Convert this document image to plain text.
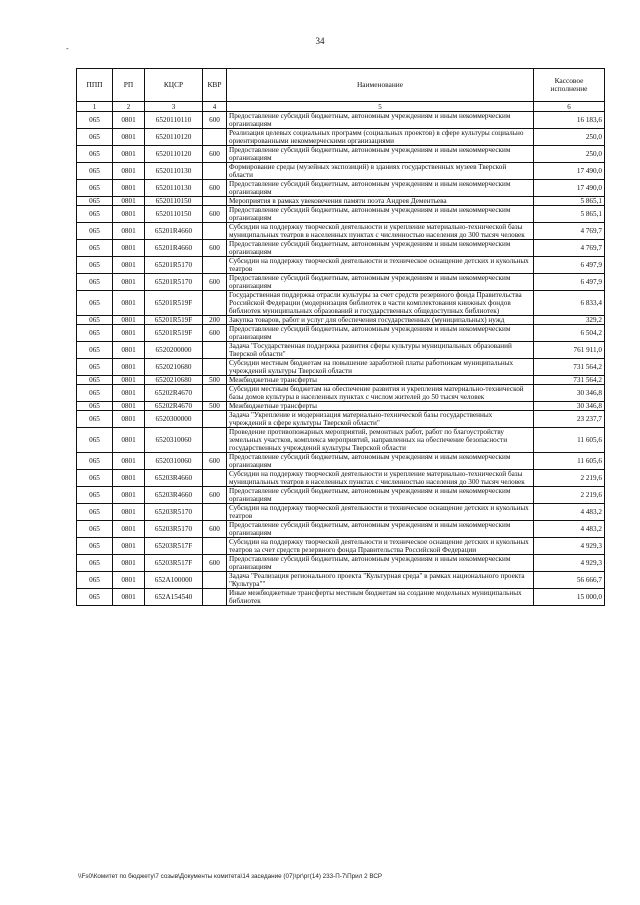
34
-
ППП	РП	КЦСР	КВР	Наименование	Кассовое исполнение
1	2	3	4	5	6
065	0801	6520110110	600	Предоставление субсидий бюджетным, автономным учреждениям и иным некоммерческим организациям	16 183,6
065	0801	6520110120		Реализация целевых социальных программ (социальных проектов) в сфере культуры социально ориентированными некоммерческими организациями	250,0
065	0801	6520110120	600	Предоставление субсидий бюджетным, автономным учреждениям и иным некоммерческим организациям	250,0
065	0801	6520110130		Формирование среды (музейных экспозиций) в зданиях государственных музеев Тверской области	17 490,0
065	0801	6520110130	600	Предоставление субсидий бюджетным, автономным учреждениям и иным некоммерческим организациям	17 490,0
065	0801	6520110150		Мероприятия в рамках увековечения памяти поэта Андрея Дементьева	5 865,1
065	0801	6520110150	600	Предоставление субсидий бюджетным, автономным учреждениям и иным некоммерческим организациям	5 865,1
065	0801	65201R4660		Субсидии на поддержку творческой деятельности и укрепление материально-технической базы муниципальных театров в населенных пунктах с численностью населения до 300 тысяч человек	4 769,7
065	0801	65201R4660	600	Предоставление субсидий бюджетным, автономным учреждениям и иным некоммерческим организациям	4 769,7
065	0801	65201R5170		Субсидии на поддержку творческой деятельности и техническое оснащение детских и кукольных театров	6 497,9
065	0801	65201R5170	600	Предоставление субсидий бюджетным, автономным учреждениям и иным некоммерческим организациям	6 497,9
065	0801	65201R519F		Государственная поддержка отрасли культуры за счет средств резервного фонда Правительства Российской Федерации (модернизация библиотек в части комплектования книжных фондов библиотек муниципальных образований и государственных общедоступных библиотек)	6 833,4
065	0801	65201R519F	200	Закупка товаров, работ и услуг для обеспечения государственных (муниципальных) нужд	329,2
065	0801	65201R519F	600	Предоставление субсидий бюджетным, автономным учреждениям и иным некоммерческим организациям	6 504,2
065	0801	6520200000		Задача "Государственная поддержка развития сферы культуры муниципальных образований Тверской области"	761 911,0
065	0801	6520210680		Субсидии местным бюджетам на повышение заработной платы работникам муниципальных учреждений культуры Тверской области	731 564,2
065	0801	6520210680	500	Межбюджетные трансферты	731 564,2
065	0801	65202R4670		Субсидии местным бюджетам на обеспечение развития и укрепления материально-технической базы домов культуры в населенных пунктах с числом жителей до 50 тысяч человек	30 346,8
065	0801	65202R4670	500	Межбюджетные трансферты	30 346,8
065	0801	6520300000		Задача "Укрепление и модернизация материально-технической базы государственных учреждений в сфере культуры Тверской области"	23 237,7
065	0801	6520310060		Проведение противопожарных мероприятий, ремонтных работ, работ по благоустройству земельных участков, комплекса мероприятий, направленных на обеспечение безопасности государственных учреждений культуры Тверской области	11 605,6
065	0801	6520310060	600	Предоставление субсидий бюджетным, автономным учреждениям и иным некоммерческим организациям	11 605,6
065	0801	65203R4660		Субсидии на поддержку творческой деятельности и укрепление материально-технической базы муниципальных театров в населенных пунктах с численностью населения до 300 тысяч человек	2 219,6
065	0801	65203R4660	600	Предоставление субсидий бюджетным, автономным учреждениям и иным некоммерческим организациям	2 219,6
065	0801	65203R5170		Субсидии на поддержку творческой деятельности и техническое оснащение детских и кукольных театров	4 483,2
065	0801	65203R5170	600	Предоставление субсидий бюджетным, автономным учреждениям и иным некоммерческим организациям	4 483,2
065	0801	65203R517F		Субсидии на поддержку творческой деятельности и техническое оснащение детских и кукольных театров за счет средств резервного фонда Правительства Российской Федерации	4 929,3
065	0801	65203R517F	600	Предоставление субсидий бюджетным, автономным учреждениям и иным некоммерческим организациям	4 929,3
065	0801	652A100000		Задача "Реализация регионального проекта "Культурная среда" в рамках национального проекта "Культура""	56 666,7
065	0801	652A154540		Иные межбюджетные трансферты местным бюджетам на создание модельных муниципальных библиотек	15 000,0
\\Fs0\Комитет по бюджету\7 созыв\Документы комитета\14 заседание (07)\рг\рг(14) 233-П-7\Прил 2 ВСР
